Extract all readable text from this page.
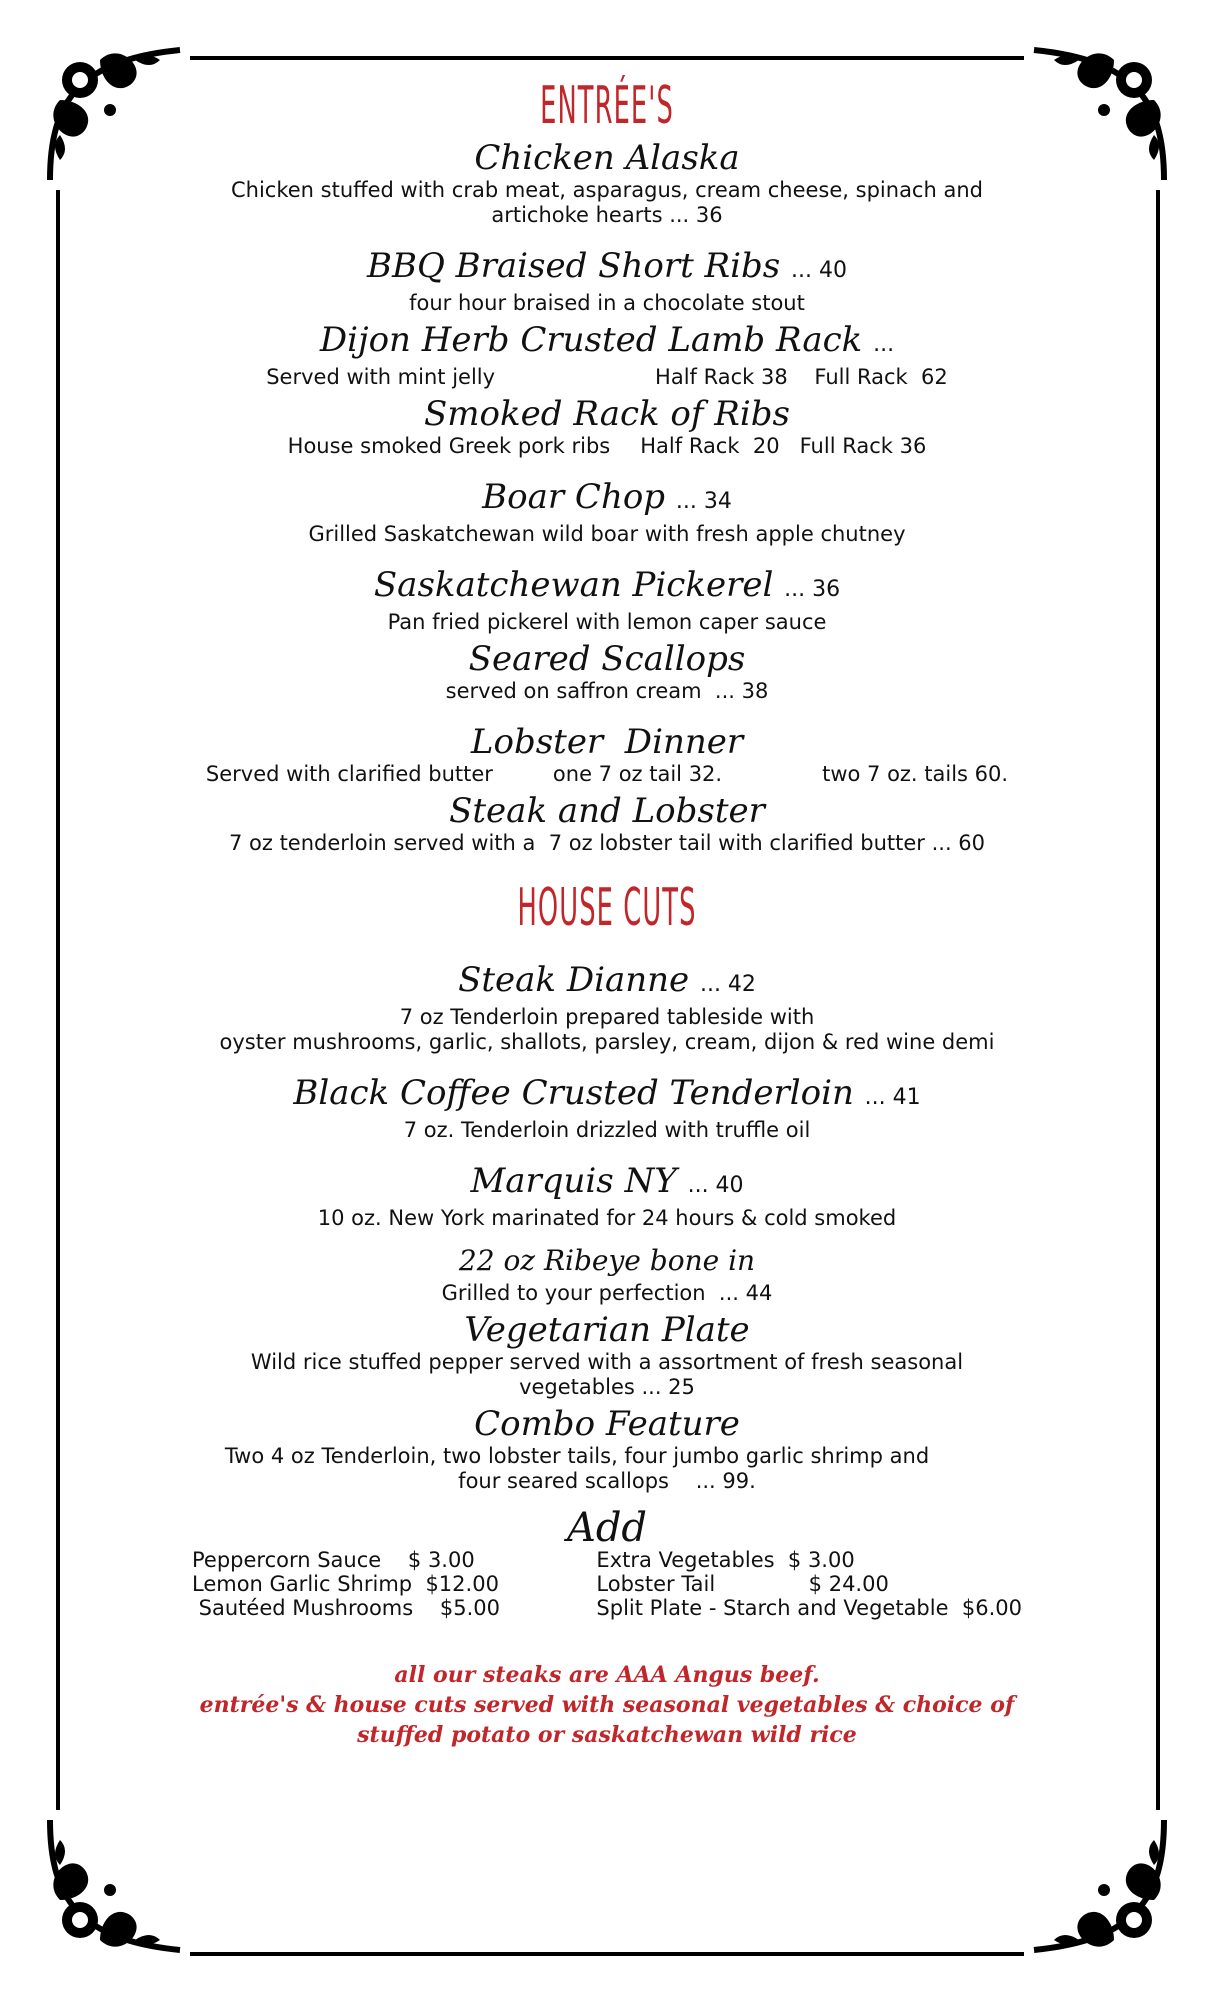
ENTRÉE'S
Chicken Alaska
Chicken stuffed with crab meat, asparagus, cream cheese, spinach and artichoke hearts ... 36
BBQ Braised Short Ribs ... 40
four hour braised in a chocolate stout
Dijon Herb Crusted Lamb Rack ...
Served with mint jelly	Half Rack 38    Full Rack  62
Smoked Rack of Ribs
House smoked Greek pork ribs Half Rack  20   Full Rack 36
Boar Chop ... 34
Grilled Saskatchewan wild boar with fresh apple chutney
Saskatchewan Pickerel ... 36
Pan fried pickerel with lemon caper sauce
Seared Scallops
served on saffron cream  ... 38
Lobster  Dinner
Served with clarified butter	one 7 oz tail 32.	two 7 oz. tails 60.
Steak and Lobster
7 oz tenderloin served with a  7 oz lobster tail with clarified butter ... 60
HOUSE CUTS
Steak Dianne ... 42
7 oz Tenderloin prepared tableside with
oyster mushrooms, garlic, shallots, parsley, cream, dijon & red wine demi
Black Coffee Crusted Tenderloin ... 41
7 oz. Tenderloin drizzled with truffle oil
Marquis NY ... 40
10 oz. New York marinated for 24 hours & cold smoked
22 oz Ribeye bone in
Grilled to your perfection  ... 44
Vegetarian Plate
Wild rice stuffed pepper served with a assortment of fresh seasonal
vegetables ... 25
Combo Feature
Two 4 oz Tenderloin, two lobster tails, four jumbo garlic shrimp and
four seared scallops    ... 99.
Add
Peppercorn Sauce    $ 3.00
Lemon Garlic Shrimp  $12.00
Sautéed Mushrooms    $5.00
Extra Vegetables  $ 3.00
Lobster Tail              $ 24.00
Split Plate - Starch and Vegetable  $6.00
all our steaks are AAA Angus beef.
entrée's & house cuts served with seasonal vegetables & choice of
stuffed potato or saskatchewan wild rice
